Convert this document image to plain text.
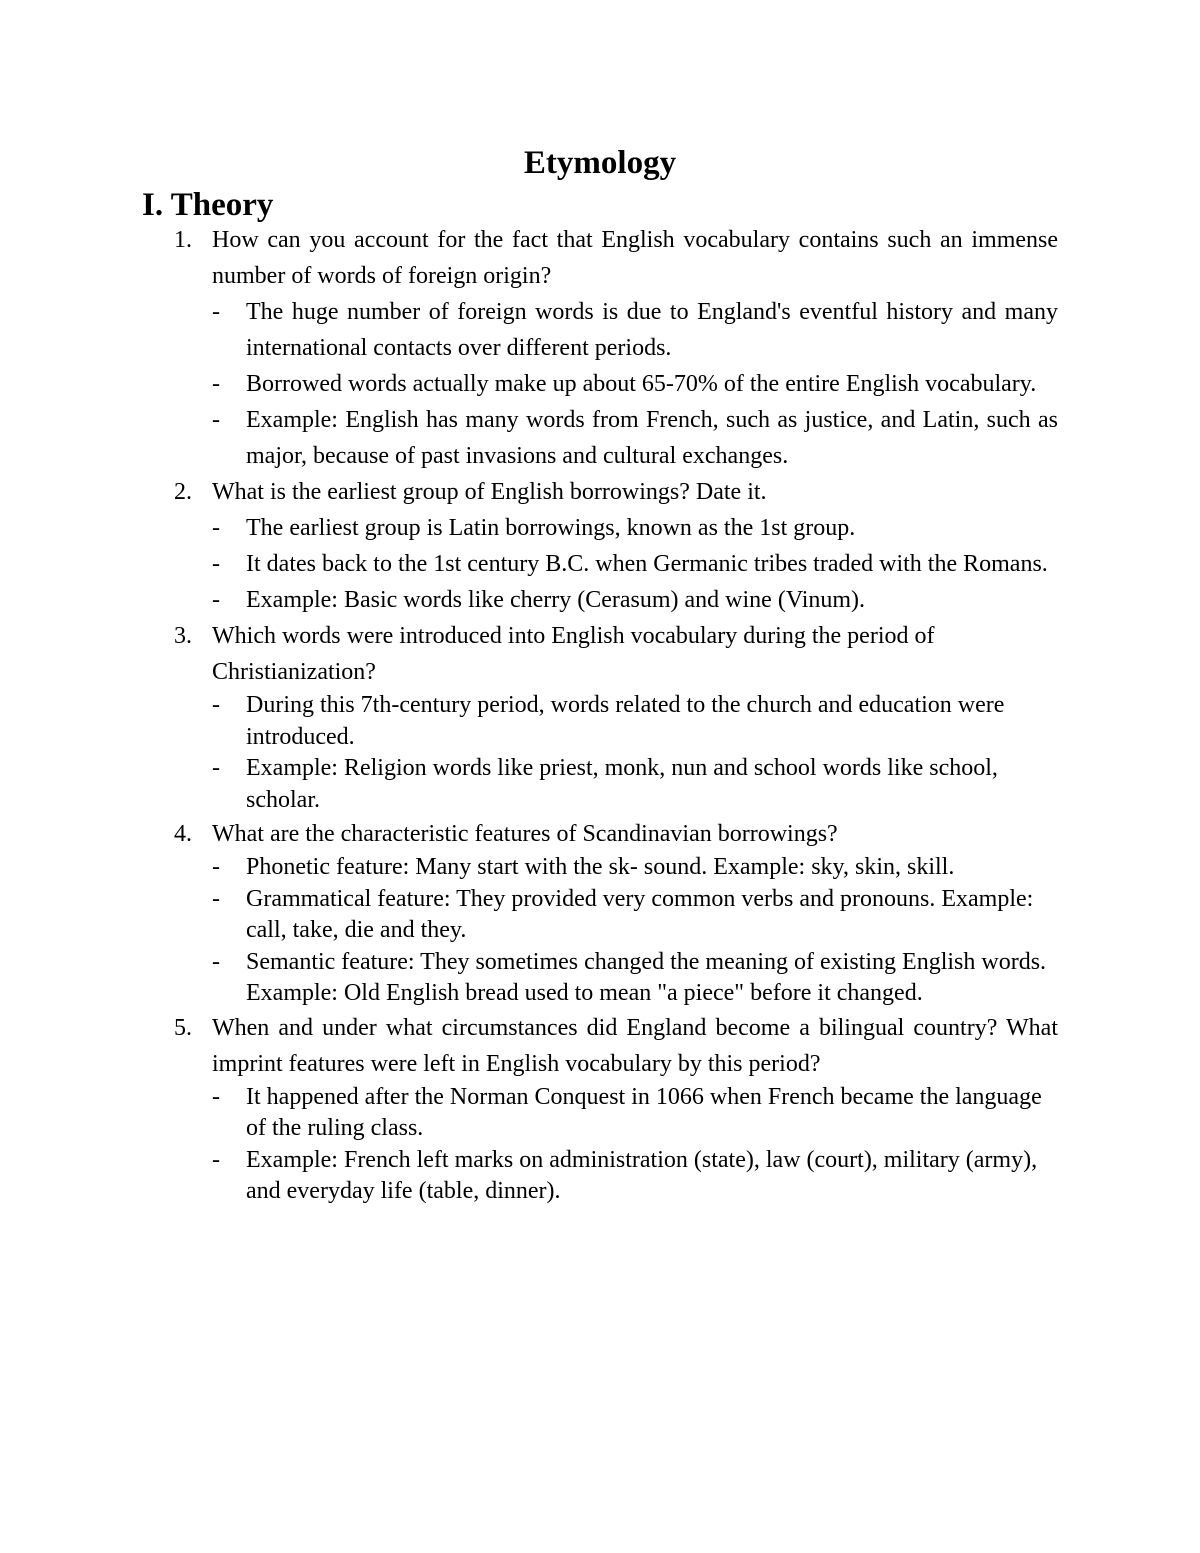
Etymology
I. Theory
1. How can you account for the fact that English vocabulary contains such an immense number of words of foreign origin?
- The huge number of foreign words is due to England's eventful history and many international contacts over different periods.
- Borrowed words actually make up about 65-70% of the entire English vocabulary.
- Example: English has many words from French, such as justice, and Latin, such as major, because of past invasions and cultural exchanges.
2. What is the earliest group of English borrowings? Date it.
- The earliest group is Latin borrowings, known as the 1st group.
- It dates back to the 1st century B.C. when Germanic tribes traded with the Romans.
- Example: Basic words like cherry (Cerasum) and wine (Vinum).
3. Which words were introduced into English vocabulary during the period of Christianization?
- During this 7th-century period, words related to the church and education were introduced.
- Example: Religion words like priest, monk, nun and school words like school, scholar.
4. What are the characteristic features of Scandinavian borrowings?
- Phonetic feature: Many start with the sk- sound. Example: sky, skin, skill.
- Grammatical feature: They provided very common verbs and pronouns. Example: call, take, die and they.
- Semantic feature: They sometimes changed the meaning of existing English words. Example: Old English bread used to mean "a piece" before it changed.
5. When and under what circumstances did England become a bilingual country? What imprint features were left in English vocabulary by this period?
- It happened after the Norman Conquest in 1066 when French became the language of the ruling class.
- Example: French left marks on administration (state), law (court), military (army), and everyday life (table, dinner).
